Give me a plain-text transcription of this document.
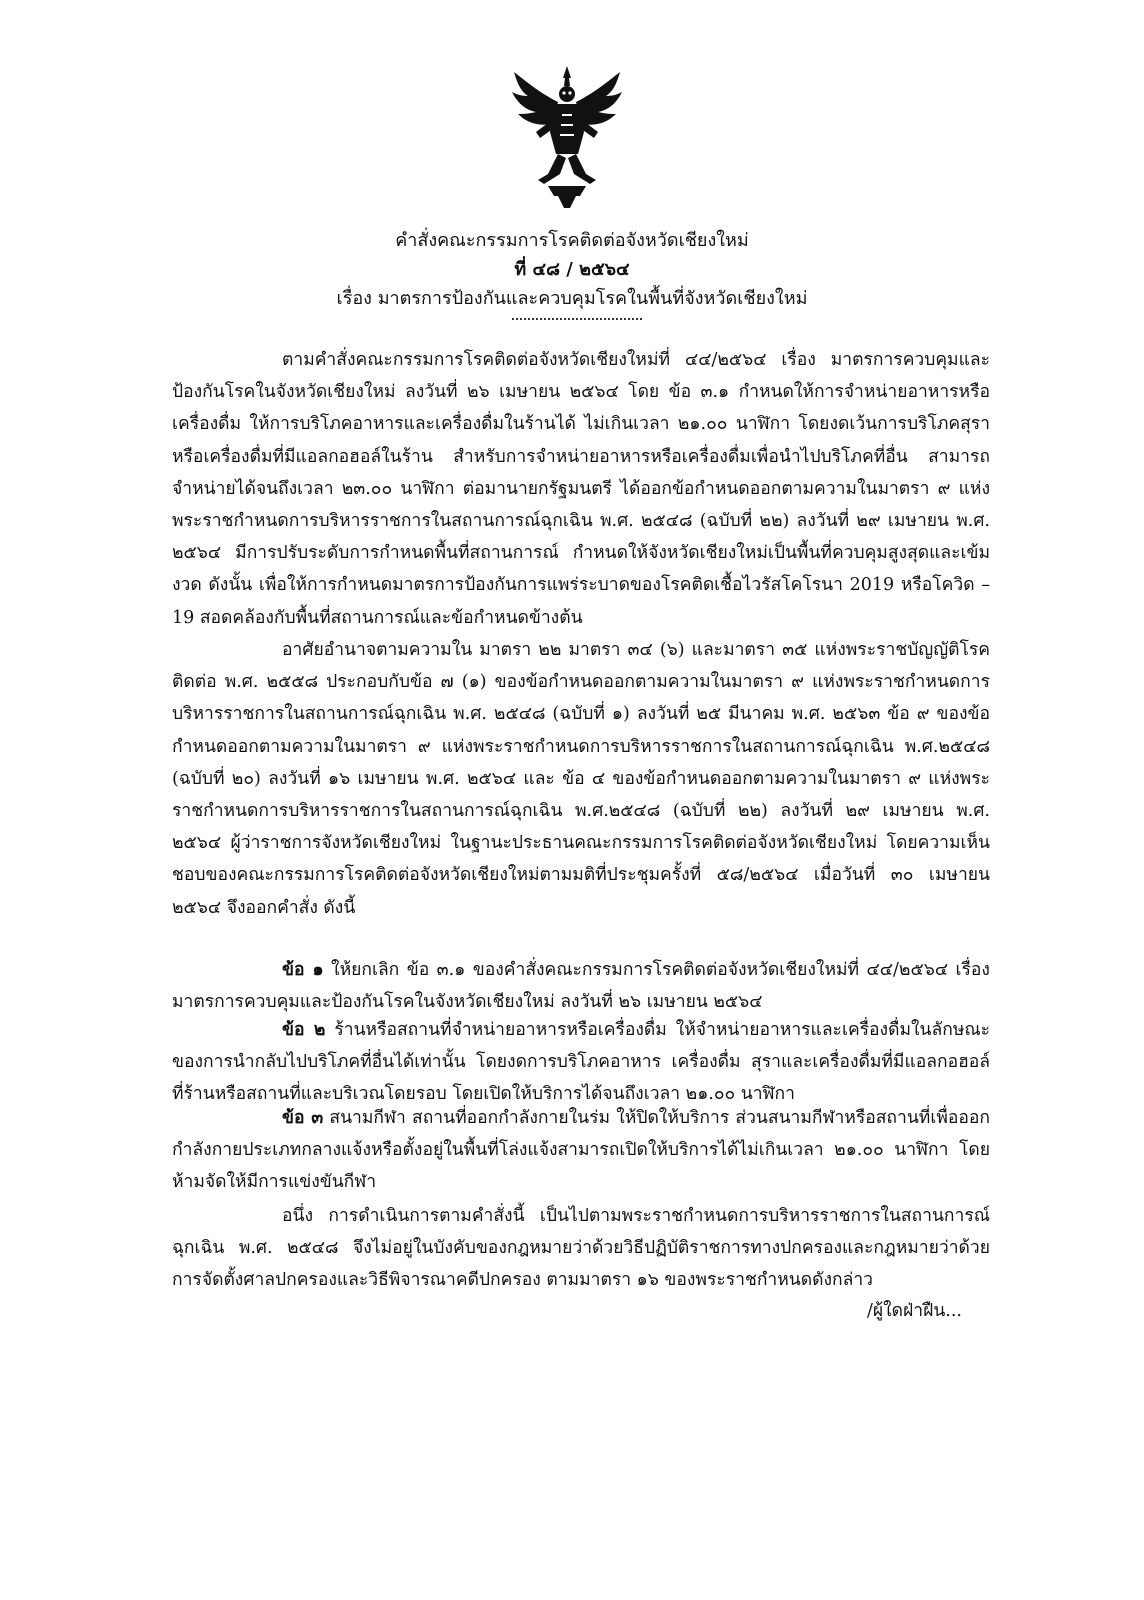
คำสั่งคณะกรรมการโรคติดต่อจังหวัดเชียงใหม่
ที่ ๔๘ / ๒๕๖๔
เรื่อง มาตรการป้องกันและควบคุมโรคในพื้นที่จังหวัดเชียงใหม่

ตามคำสั่งคณะกรรมการโรคติดต่อจังหวัดเชียงใหม่ที่ ๔๔/๒๕๖๔ เรื่อง มาตรการควบคุมและป้องกันโรคในจังหวัดเชียงใหม่ ลงวันที่ ๒๖ เมษายน ๒๕๖๔ โดย ข้อ ๓.๑ กำหนดให้การจำหน่ายอาหารหรือเครื่องดื่ม ให้การบริโภคอาหารและเครื่องดื่มในร้านได้ ไม่เกินเวลา ๒๑.๐๐ นาฬิกา โดยงดเว้นการบริโภคสุราหรือเครื่องดื่มที่มีแอลกอฮอล์ในร้าน สำหรับการจำหน่ายอาหารหรือเครื่องดื่มเพื่อนำไปบริโภคที่อื่น สามารถจำหน่ายได้จนถึงเวลา ๒๓.๐๐ นาฬิกา ต่อมานายกรัฐมนตรี ได้ออกข้อกำหนดออกตามความในมาตรา ๙ แห่งพระราชกำหนดการบริหารราชการในสถานการณ์ฉุกเฉิน พ.ศ. ๒๕๔๘ (ฉบับที่ ๒๒) ลงวันที่ ๒๙ เมษายน พ.ศ. ๒๕๖๔ มีการปรับระดับการกำหนดพื้นที่สถานการณ์ กำหนดให้จังหวัดเชียงใหม่เป็นพื้นที่ควบคุมสูงสุดและเข้มงวด ดังนั้น เพื่อให้การกำหนดมาตรการป้องกันการแพร่ระบาดของโรคติดเชื้อไวรัสโคโรนา 2019 หรือโควิด – 19 สอดคล้องกับพื้นที่สถานการณ์และข้อกำหนดข้างต้น

อาศัยอำนาจตามความใน มาตรา ๒๒ มาตรา ๓๔ (๖) และมาตรา ๓๕ แห่งพระราชบัญญัติโรคติดต่อ พ.ศ. ๒๕๕๘ ประกอบกับข้อ ๗ (๑) ของข้อกำหนดออกตามความในมาตรา ๙ แห่งพระราชกำหนดการบริหารราชการในสถานการณ์ฉุกเฉิน พ.ศ. ๒๕๔๘ (ฉบับที่ ๑) ลงวันที่ ๒๕ มีนาคม พ.ศ. ๒๕๖๓ ข้อ ๙ ของข้อกำหนดออกตามความในมาตรา ๙ แห่งพระราชกำหนดการบริหารราชการในสถานการณ์ฉุกเฉิน พ.ศ.๒๕๔๘ (ฉบับที่ ๒๐) ลงวันที่ ๑๖ เมษายน พ.ศ. ๒๕๖๔ และ ข้อ ๔ ของข้อกำหนดออกตามความในมาตรา ๙ แห่งพระราชกำหนดการบริหารราชการในสถานการณ์ฉุกเฉิน พ.ศ.๒๕๔๘ (ฉบับที่ ๒๒) ลงวันที่ ๒๙ เมษายน พ.ศ. ๒๕๖๔ ผู้ว่าราชการจังหวัดเชียงใหม่ ในฐานะประธานคณะกรรมการโรคติดต่อจังหวัดเชียงใหม่ โดยความเห็นชอบของคณะกรรมการโรคติดต่อจังหวัดเชียงใหม่ตามมติที่ประชุมครั้งที่ ๕๘/๒๕๖๔ เมื่อวันที่ ๓๐ เมษายน ๒๕๖๔ จึงออกคำสั่ง ดังนี้

ข้อ ๑ ให้ยกเลิก ข้อ ๓.๑ ของคำสั่งคณะกรรมการโรคติดต่อจังหวัดเชียงใหม่ที่ ๔๔/๒๕๖๔ เรื่อง มาตรการควบคุมและป้องกันโรคในจังหวัดเชียงใหม่ ลงวันที่ ๒๖ เมษายน ๒๕๖๔

ข้อ ๒ ร้านหรือสถานที่จำหน่ายอาหารหรือเครื่องดื่ม ให้จำหน่ายอาหารและเครื่องดื่มในลักษณะของการนำกลับไปบริโภคที่อื่นได้เท่านั้น โดยงดการบริโภคอาหาร เครื่องดื่ม สุราและเครื่องดื่มที่มีแอลกอฮอล์ ที่ร้านหรือสถานที่และบริเวณโดยรอบ โดยเปิดให้บริการได้จนถึงเวลา ๒๑.๐๐ นาฬิกา

ข้อ ๓ สนามกีฬา สถานที่ออกกำลังกายในร่ม ให้ปิดให้บริการ ส่วนสนามกีฬาหรือสถานที่เพื่อออกกำลังกายประเภทกลางแจ้งหรือตั้งอยู่ในพื้นที่โล่งแจ้งสามารถเปิดให้บริการได้ไม่เกินเวลา ๒๑.๐๐ นาฬิกา โดยห้ามจัดให้มีการแข่งขันกีฬา

อนึ่ง การดำเนินการตามคำสั่งนี้ เป็นไปตามพระราชกำหนดการบริหารราชการในสถานการณ์ฉุกเฉิน พ.ศ. ๒๕๔๘ จึงไม่อยู่ในบังคับของกฎหมายว่าด้วยวิธีปฏิบัติราชการทางปกครองและกฎหมายว่าด้วยการจัดตั้งศาลปกครองและวิธีพิจารณาคดีปกครอง ตามมาตรา ๑๖ ของพระราชกำหนดดังกล่าว

/ผู้ใดฝ่าฝืน...
